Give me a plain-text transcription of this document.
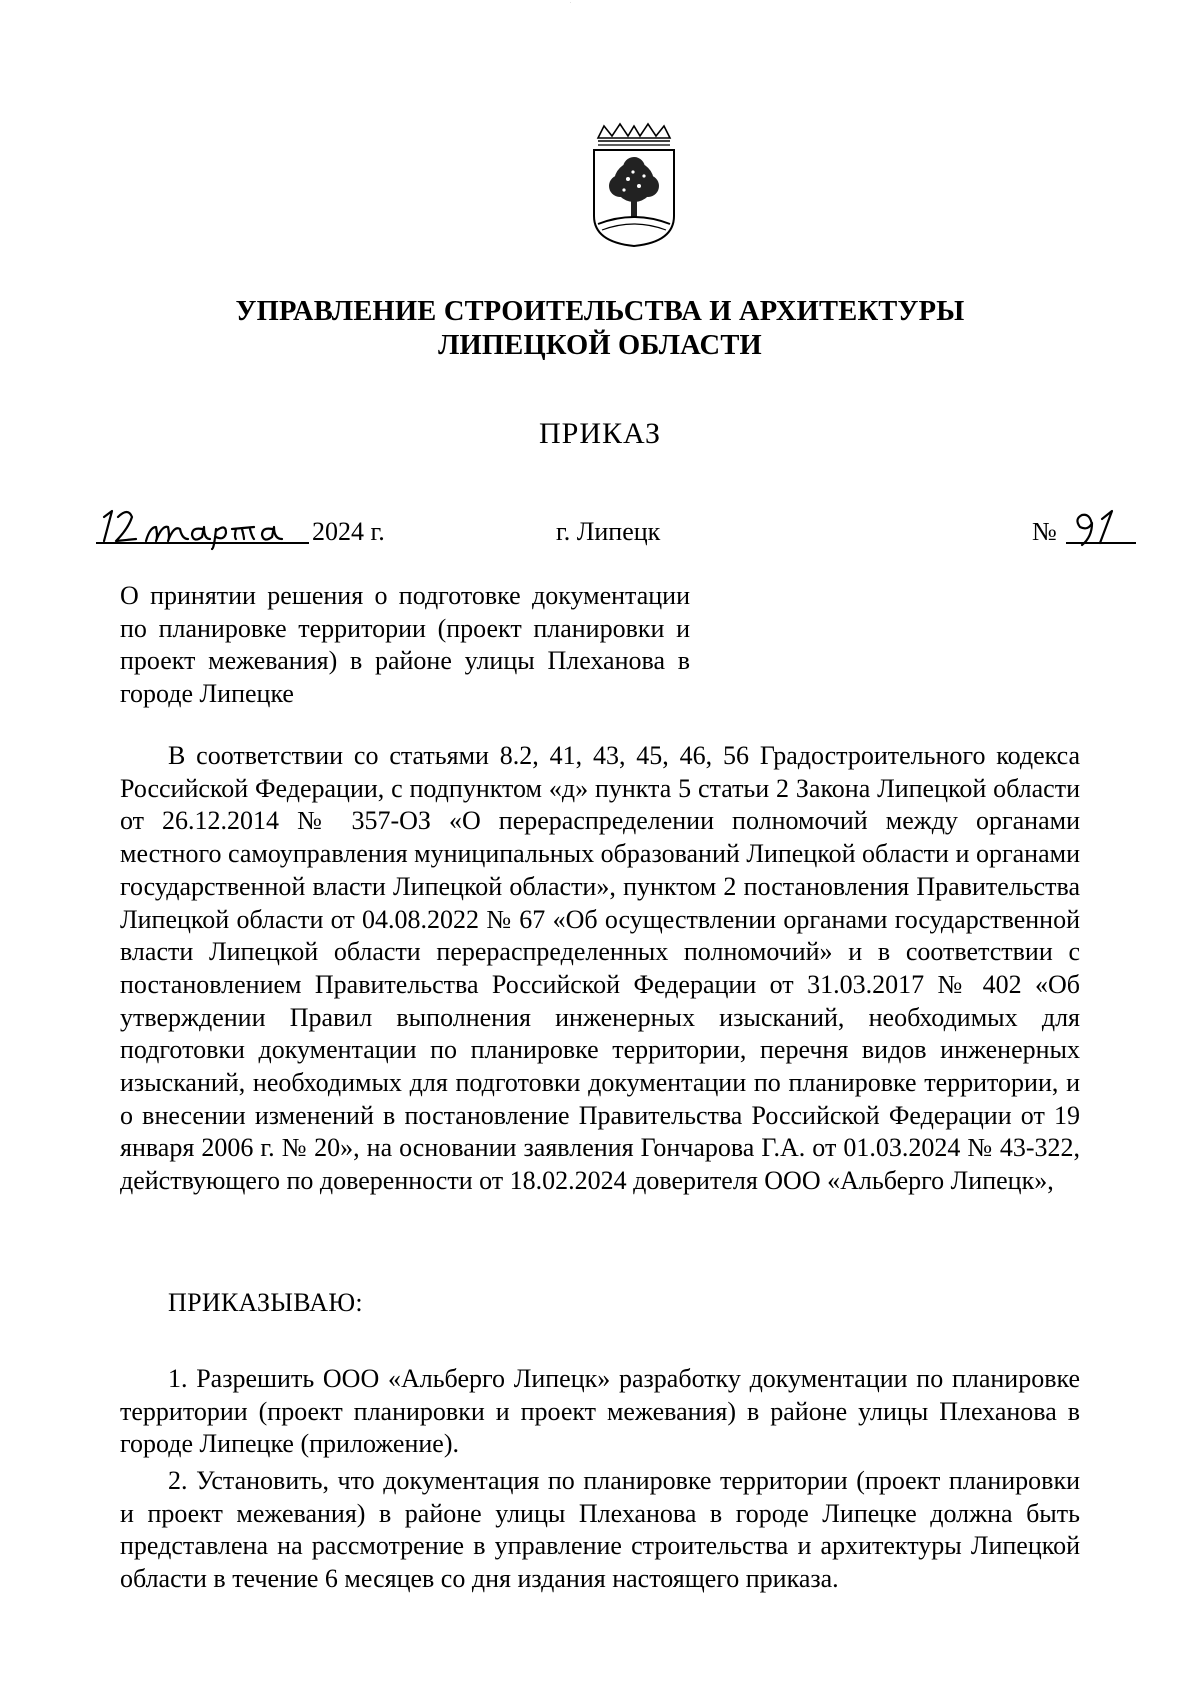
УПРАВЛЕНИЕ СТРОИТЕЛЬСТВА И АРХИТЕКТУРЫ
ЛИПЕЦКОЙ ОБЛАСТИ
ПРИКАЗ
2024 г.	г. Липецк	№
91
О принятии решения о подготовке документации по планировке территории (проект планировки и проект межевания) в районе улицы Плеханова в городе Липецке
В соответствии со статьями 8.2, 41, 43, 45, 46, 56 Градостроительного кодекса Российской Федерации, с подпунктом «д» пункта 5 статьи 2 Закона Липецкой области от 26.12.2014 № 357-ОЗ «О перераспределении полномочий между органами местного самоуправления муниципальных образований Липецкой области и органами государственной власти Липецкой области», пунктом 2 постановления Правительства Липецкой области от 04.08.2022 № 67 «Об осуществлении органами государственной власти Липецкой области перераспределенных полномочий» и в соответствии с постановлением Правительства Российской Федерации от 31.03.2017 № 402 «Об утверждении Правил выполнения инженерных изысканий, необходимых для подготовки документации по планировке территории, перечня видов инженерных изысканий, необходимых для подготовки документации по планировке территории, и о внесении изменений в постановление Правительства Российской Федерации от 19 января 2006 г. № 20», на основании заявления Гончарова Г.А. от 01.03.2024 № 43-322, действующего по доверенности от 18.02.2024 доверителя ООО «Альберго Липецк»,
ПРИКАЗЫВАЮ:
1. Разрешить ООО «Альберго Липецк» разработку документации по планировке территории (проект планировки и проект межевания) в районе улицы Плеханова в городе Липецке (приложение).
2. Установить, что документация по планировке территории (проект планировки и проект межевания) в районе улицы Плеханова в городе Липецке должна быть представлена на рассмотрение в управление строительства и архитектуры Липецкой области в течение 6 месяцев со дня издания настоящего приказа.
